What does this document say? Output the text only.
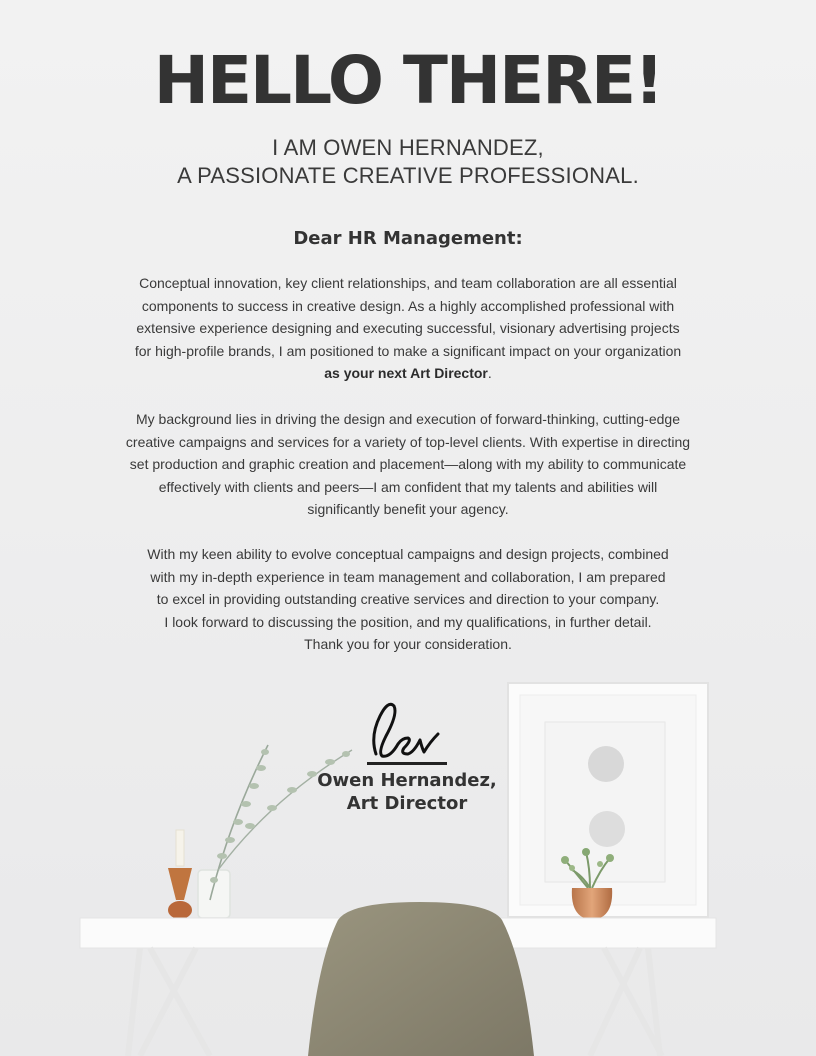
HELLO THERE!
I AM OWEN HERNANDEZ,
A PASSIONATE CREATIVE PROFESSIONAL.
Dear HR Management:
Conceptual innovation, key client relationships, and team collaboration are all essential
components to success in creative design. As a highly accomplished professional with
extensive experience designing and executing successful, visionary advertising projects
for high-profile brands, I am positioned to make a significant impact on your organization
as your next Art Director.
My background lies in driving the design and execution of forward-thinking, cutting-edge
creative campaigns and services for a variety of top-level clients. With expertise in directing
set production and graphic creation and placement—along with my ability to communicate
effectively with clients and peers—I am confident that my talents and abilities will
significantly benefit your agency.
With my keen ability to evolve conceptual campaigns and design projects, combined
with my in-depth experience in team management and collaboration, I am prepared
to excel in providing outstanding creative services and direction to your company.
I look forward to discussing the position, and my qualifications, in further detail.
Thank you for your consideration.
Owen Hernandez,
Art Director
